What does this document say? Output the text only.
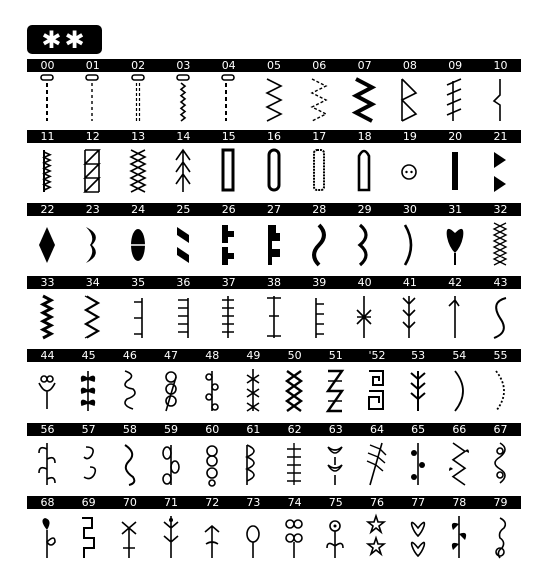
✱✱
00	01	02	03	04	05	06	07	08	09	10
11	12	13	14	15	16	17	18	19	20	21
22	23	24	25	26	27	28	29	30	31	32
33	34	35	36	37	38	39	40	41	42	43
44	45	46	47	48	49	50	51	'52	53	54	55
56	57	58	59	60	61	62	63	64	65	66	67
68	69	70	71	72	73	74	75	76	77	78	79
